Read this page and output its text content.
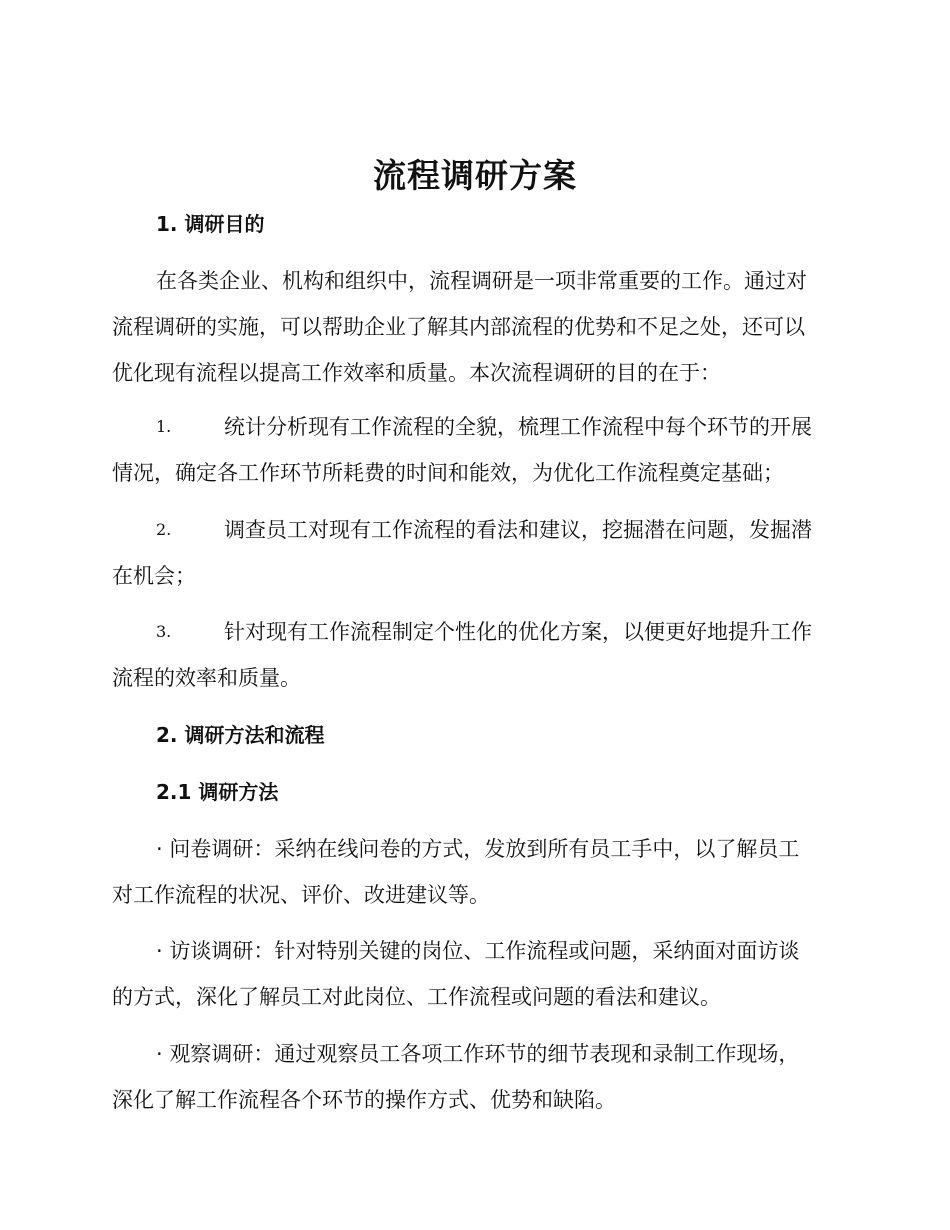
流程调研方案
1. 调研目的
在各类企业、机构和组织中，流程调研是一项非常重要的工作。通过对
流程调研的实施，可以帮助企业了解其内部流程的优势和不足之处，还可以
优化现有流程以提高工作效率和质量。本次流程调研的目的在于：
1.	统计分析现有工作流程的全貌，梳理工作流程中每个环节的开展
情况，确定各工作环节所耗费的时间和能效，为优化工作流程奠定基础；
2.	调查员工对现有工作流程的看法和建议，挖掘潜在问题，发掘潜
在机会；
3.	针对现有工作流程制定个性化的优化方案，以便更好地提升工作
流程的效率和质量。
2. 调研方法和流程
2.1 调研方法
· 问卷调研：采纳在线问卷的方式，发放到所有员工手中，以了解员工
对工作流程的状况、评价、改进建议等。
· 访谈调研：针对特别关键的岗位、工作流程或问题，采纳面对面访谈
的方式，深化了解员工对此岗位、工作流程或问题的看法和建议。
· 观察调研：通过观察员工各项工作环节的细节表现和录制工作现场，
深化了解工作流程各个环节的操作方式、优势和缺陷。
